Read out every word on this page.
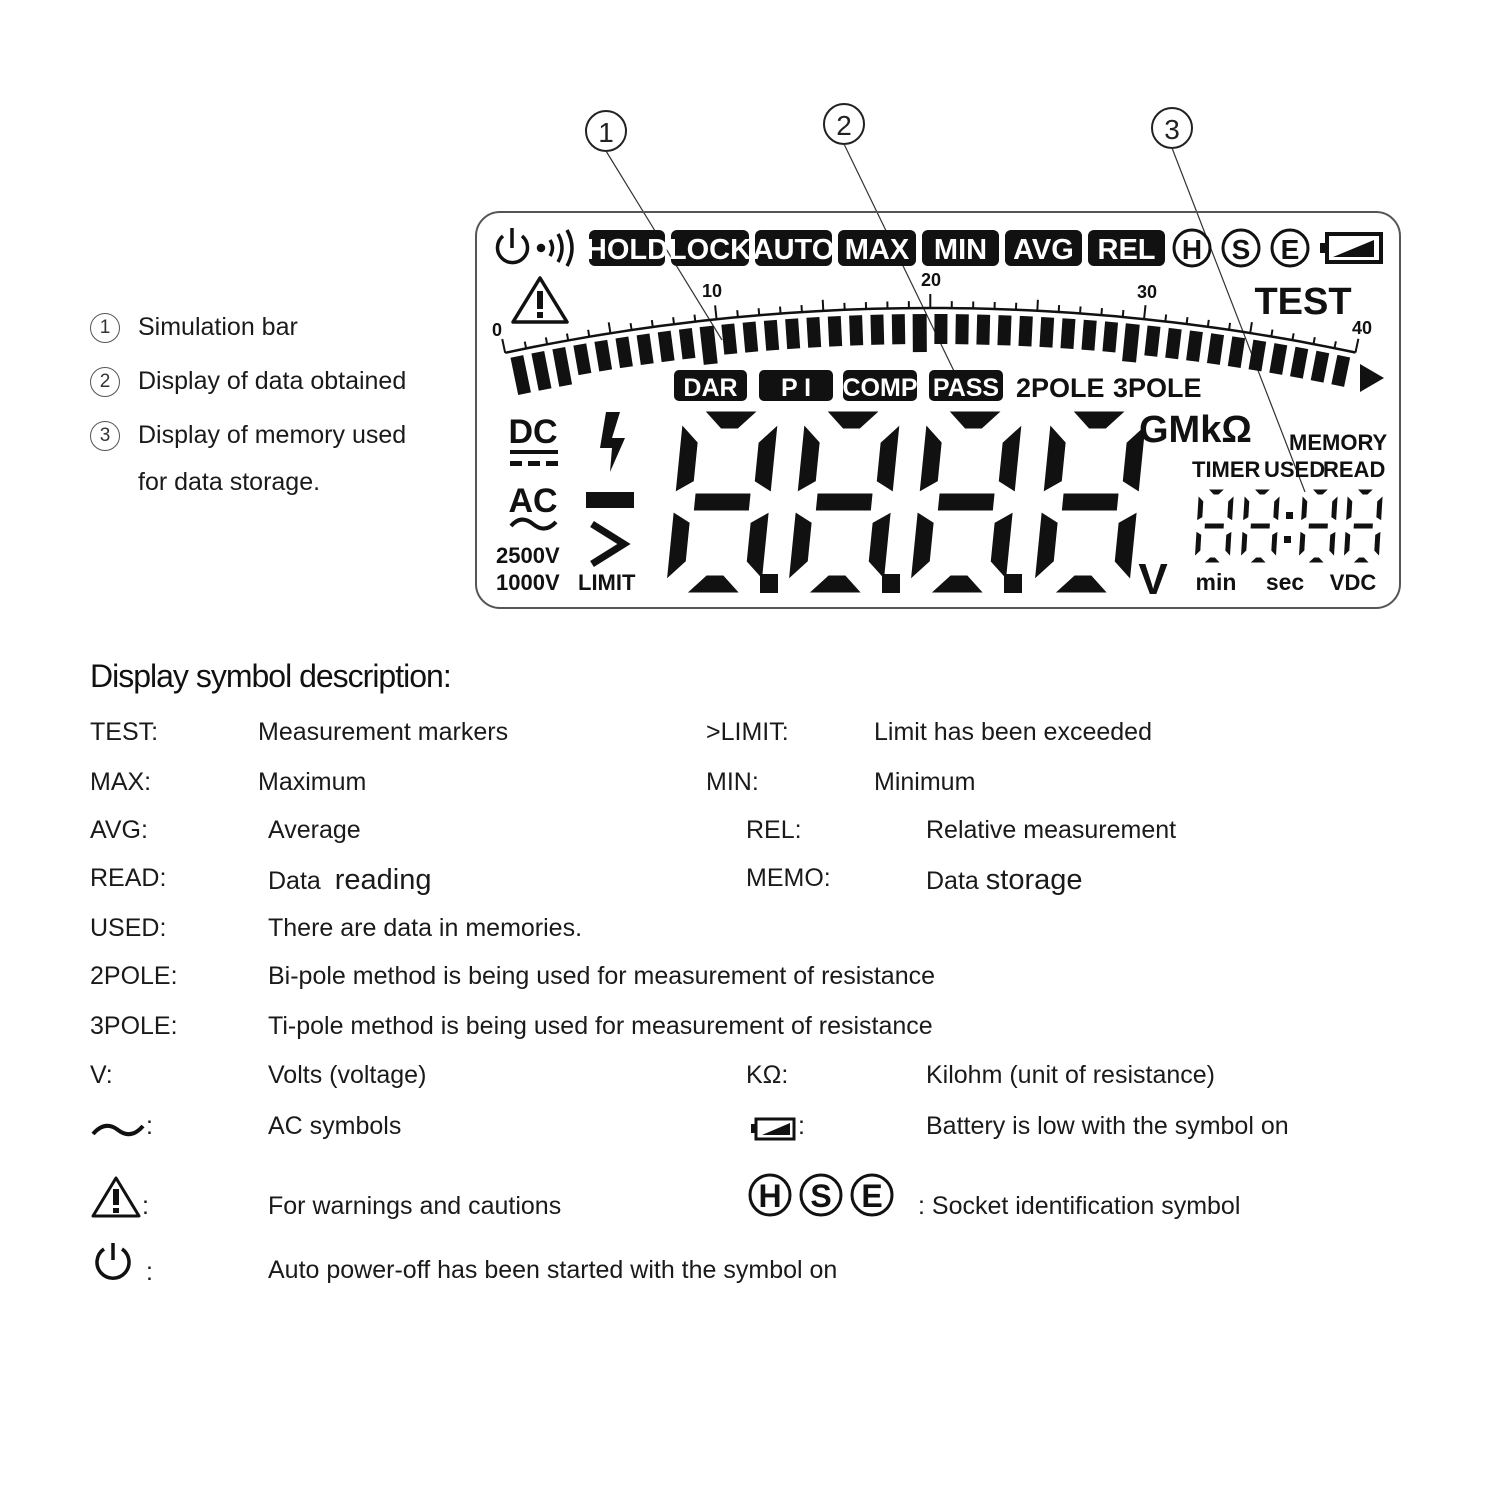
1	2	3
HOLD LOCK AUTO MAX MIN AVG REL H S E
0
10
20
30
40
TEST
DAR P I COMP PASS 2POLE 3POLE
DC
AC
2500V
1000V LIMIT	V
GMkΩ MEMORY
TIMER USED
READ
min sec VDC
1 Simulation bar
2 Display of data obtained
3 Display of memory used
for data storage.
Display symbol description:
TEST:	Measurement markers	>LIMIT:	Limit has been exceeded
MAX:	Maximum	MIN:	Minimum
AVG:	Average	REL:	Relative measurement
READ:	Data reading	MEMO:	Data storage
USED:	There are data in memories.
2POLE:	Bi-pole method is being used for measurement of resistance
3POLE:	Ti-pole method is being used for measurement of resistance
V:	Volts (voltage)	KΩ:	Kilohm (unit of resistance)
:	AC symbols	:	Battery is low with the symbol on
:	For warnings and cautions	H S E : Socket identification symbol
:	Auto power-off has been started with the symbol on
